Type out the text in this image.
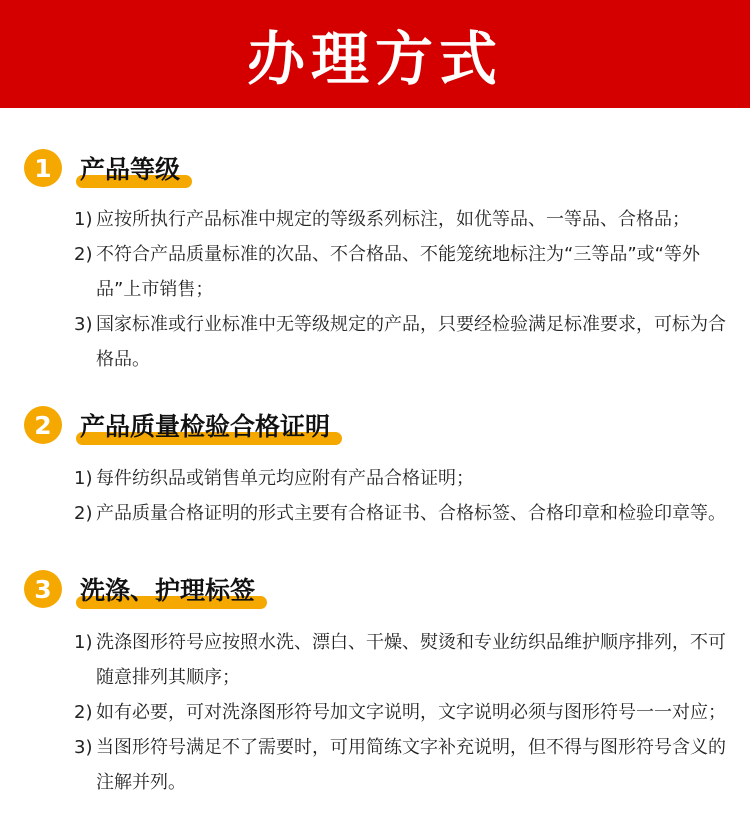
办理方式
1	产品等级
1) 应按所执行产品标准中规定的等级系列标注，如优等品、一等品、合格品；
2) 不符合产品质量标准的次品、不合格品、不能笼统地标注为“三等品”或“等外品”上市销售；
3) 国家标准或行业标准中无等级规定的产品，只要经检验满足标准要求，可标为合格品。
2	产品质量检验合格证明
1) 每件纺织品或销售单元均应附有产品合格证明；
2) 产品质量合格证明的形式主要有合格证书、合格标签、合格印章和检验印章等。
3	洗涤、护理标签
1) 洗涤图形符号应按照水洗、漂白、干燥、熨烫和专业纺织品维护顺序排列，不可随意排列其顺序；
2) 如有必要，可对洗涤图形符号加文字说明，文字说明必须与图形符号一一对应；
3) 当图形符号满足不了需要时，可用简练文字补充说明，但不得与图形符号含义的注解并列。
